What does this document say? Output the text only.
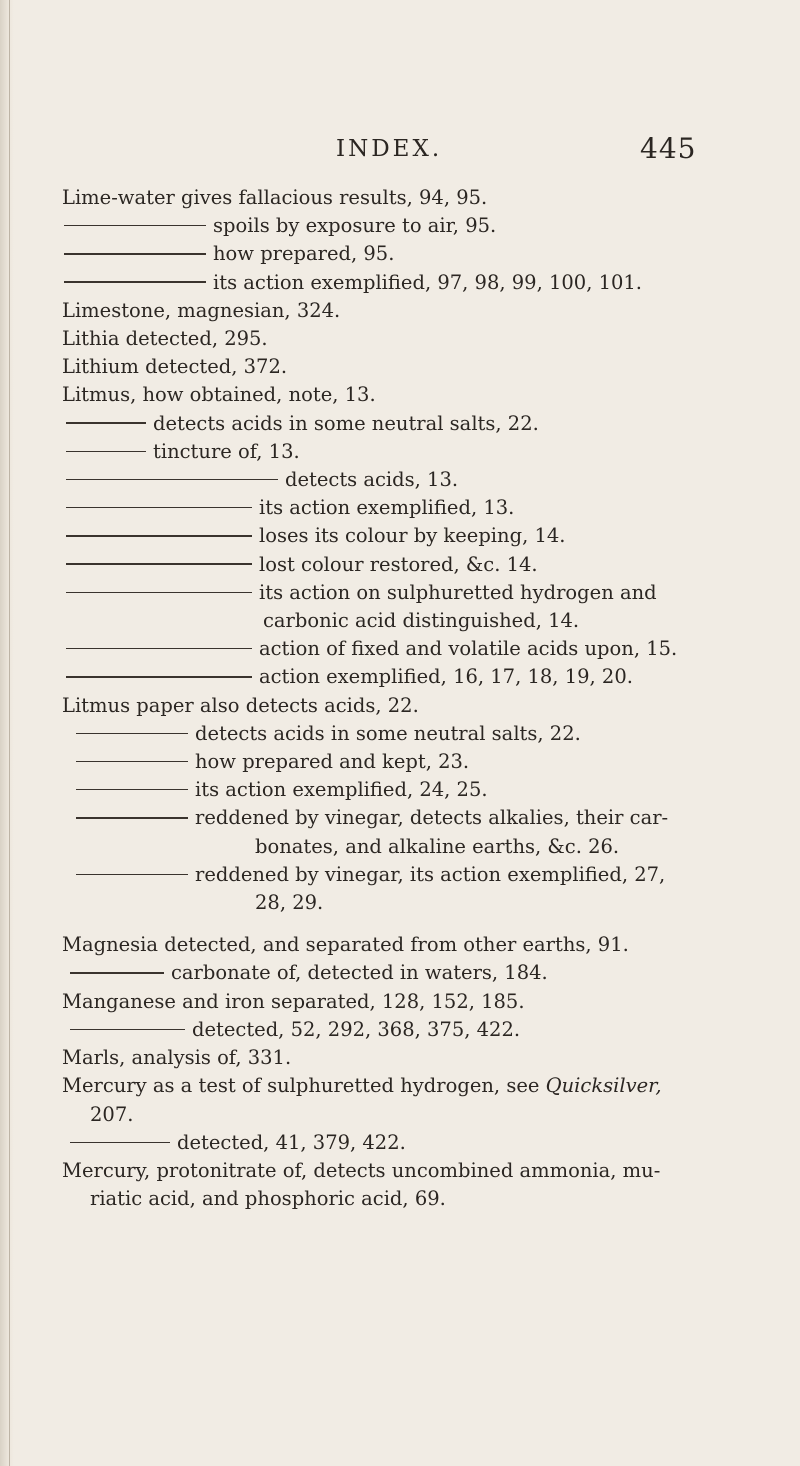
INDEX.	445
Lime-water gives fallacious results, 94, 95.
spoils by exposure to air, 95.
how prepared, 95.
its action exemplified, 97, 98, 99, 100, 101.
Limestone, magnesian, 324.
Lithia detected, 295.
Lithium detected, 372.
Litmus, how obtained, note, 13.
detects acids in some neutral salts, 22.
tincture of, 13.
detects acids, 13.
its action exemplified, 13.
loses its colour by keeping, 14.
lost colour restored, &c. 14.
its action on sulphuretted hydrogen and
carbonic acid distinguished, 14.
action of fixed and volatile acids upon, 15.
action exemplified, 16, 17, 18, 19, 20.
Litmus paper also detects acids, 22.
detects acids in some neutral salts, 22.
how prepared and kept, 23.
its action exemplified, 24, 25.
reddened by vinegar, detects alkalies, their car-
bonates, and alkaline earths, &c. 26.
reddened by vinegar, its action exemplified, 27,
28, 29.
Magnesia detected, and separated from other earths, 91.
carbonate of, detected in waters, 184.
Manganese and iron separated, 128, 152, 185.
detected, 52, 292, 368, 375, 422.
Marls, analysis of, 331.
Mercury as a test of sulphuretted hydrogen, see Quicksilver,
207.
detected, 41, 379, 422.
Mercury, protonitrate of, detects uncombined ammonia, mu-
riatic acid, and phosphoric acid, 69.
